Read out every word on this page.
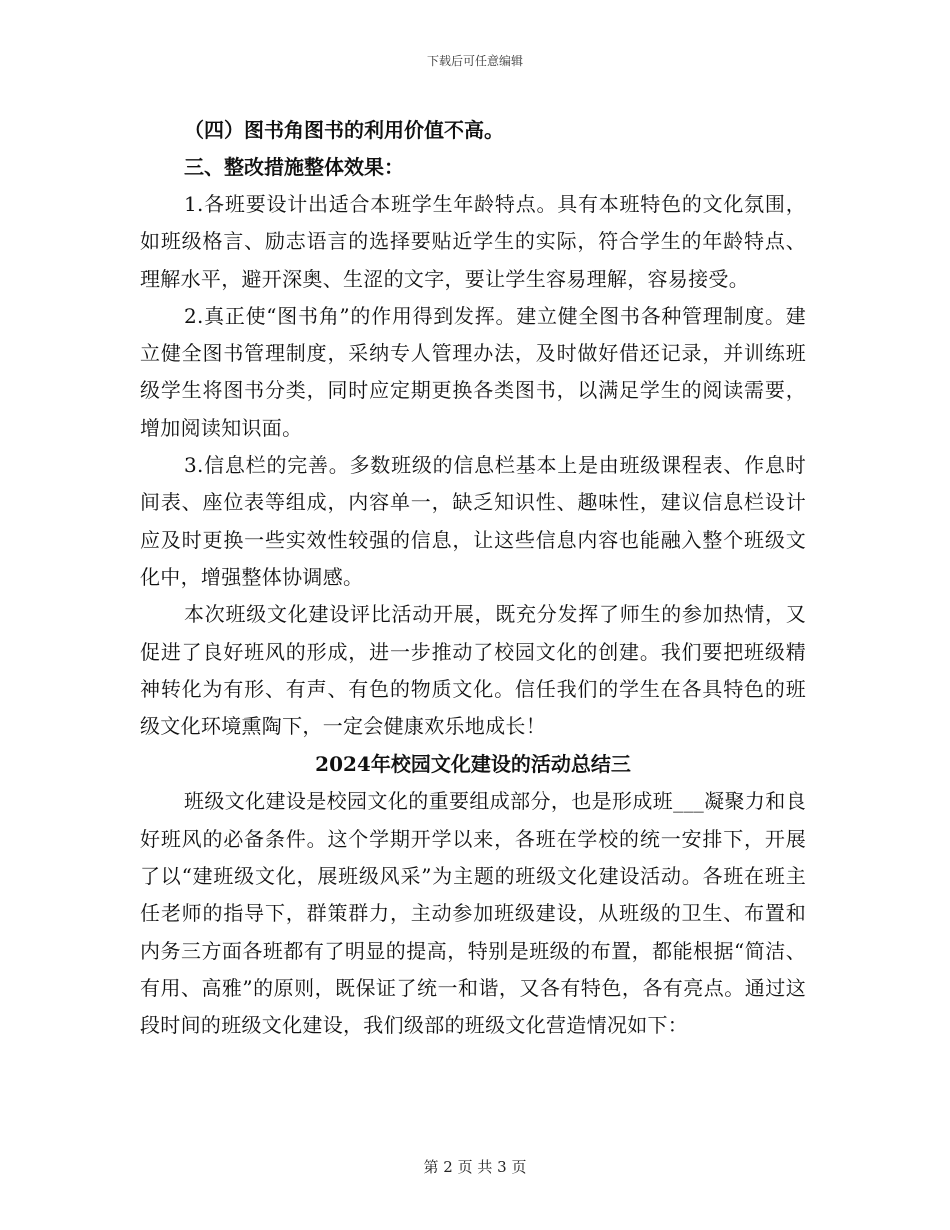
下载后可任意编辑

（四）图书角图书的利用价值不高。

三、整改措施整体效果：

1.各班要设计出适合本班学生年龄特点。具有本班特色的文化氛围，如班级格言、励志语言的选择要贴近学生的实际，符合学生的年龄特点、理解水平，避开深奥、生涩的文字，要让学生容易理解，容易接受。

2.真正使“图书角”的作用得到发挥。建立健全图书各种管理制度。建立健全图书管理制度，采纳专人管理办法，及时做好借还记录，并训练班级学生将图书分类，同时应定期更换各类图书，以满足学生的阅读需要，增加阅读知识面。

3.信息栏的完善。多数班级的信息栏基本上是由班级课程表、作息时间表、座位表等组成，内容单一，缺乏知识性、趣味性，建议信息栏设计应及时更换一些实效性较强的信息，让这些信息内容也能融入整个班级文化中，增强整体协调感。

本次班级文化建设评比活动开展，既充分发挥了师生的参加热情，又促进了良好班风的形成，进一步推动了校园文化的创建。我们要把班级精神转化为有形、有声、有色的物质文化。信任我们的学生在各具特色的班级文化环境熏陶下，一定会健康欢乐地成长！

2024年校园文化建设的活动总结三

班级文化建设是校园文化的重要组成部分，也是形成班___凝聚力和良好班风的必备条件。这个学期开学以来，各班在学校的统一安排下，开展了以“建班级文化，展班级风采”为主题的班级文化建设活动。各班在班主任老师的指导下，群策群力，主动参加班级建设，从班级的卫生、布置和内务三方面各班都有了明显的提高，特别是班级的布置，都能根据“简洁、有用、高雅”的原则，既保证了统一和谐，又各有特色，各有亮点。通过这段时间的班级文化建设，我们级部的班级文化营造情况如下：

第 2 页 共 3 页
